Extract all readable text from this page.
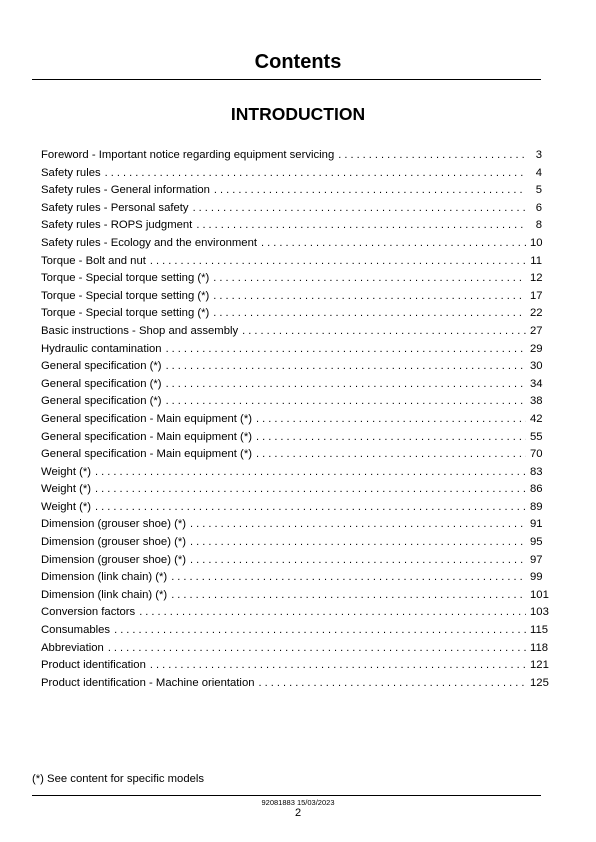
Contents
INTRODUCTION
Foreword - Important notice regarding equipment servicing . . .	3
Safety rules . . .	4
Safety rules - General information . . .	5
Safety rules - Personal safety . . .	6
Safety rules - ROPS judgment . . .	8
Safety rules - Ecology and the environment . . .	10
Torque - Bolt and nut . . .	11
Torque - Special torque setting (*) . . .	12
Torque - Special torque setting (*) . . .	17
Torque - Special torque setting (*) . . .	22
Basic instructions - Shop and assembly . . .	27
Hydraulic contamination . . .	29
General specification (*) . . .	30
General specification (*) . . .	34
General specification (*) . . .	38
General specification - Main equipment (*) . . .	42
General specification - Main equipment (*) . . .	55
General specification - Main equipment (*) . . .	70
Weight (*) . . .	83
Weight (*) . . .	86
Weight (*) . . .	89
Dimension (grouser shoe) (*) . . .	91
Dimension (grouser shoe) (*) . . .	95
Dimension (grouser shoe) (*) . . .	97
Dimension (link chain) (*) . . .	99
Dimension (link chain) (*) . . .	101
Conversion factors . . .	103
Consumables . . .	115
Abbreviation . . .	118
Product identification . . .	121
Product identification - Machine orientation . . .	125
(*) See content for specific models
92081883 15/03/2023
2
